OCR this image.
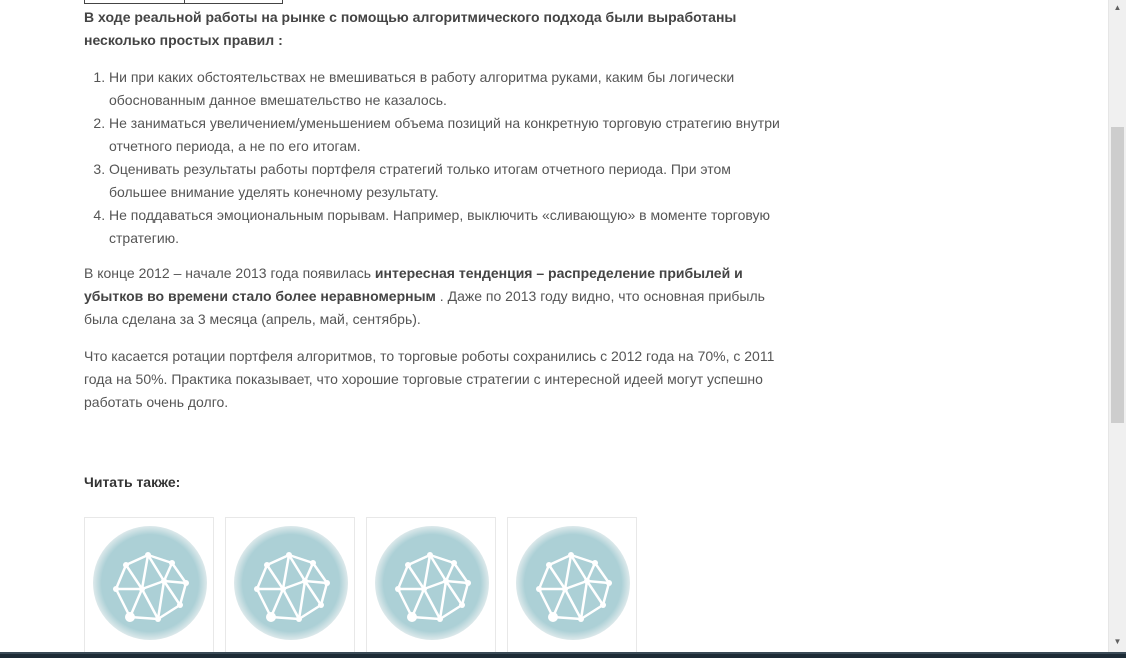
В ходе реальной работы на рынке с помощью алгоритмического подхода были выработаны несколько простых правил :

1. Ни при каких обстоятельствах не вмешиваться в работу алгоритма руками, каким бы логически обоснованным данное вмешательство не казалось.
2. Не заниматься увеличением/уменьшением объема позиций на конкретную торговую стратегию внутри отчетного периода, а не по его итогам.
3. Оценивать результаты работы портфеля стратегий только итогам отчетного периода. При этом большее внимание уделять конечному результату.
4. Не поддаваться эмоциональным порывам. Например, выключить «сливающую» в моменте торговую стратегию.

В конце 2012 – начале 2013 года появилась интересная тенденция – распределение прибылей и убытков во времени стало более неравномерным . Даже по 2013 году видно, что основная прибыль была сделана за 3 месяца (апрель, май, сентябрь).

Что касается ротации портфеля алгоритмов, то торговые роботы сохранились с 2012 года на 70%, с 2011 года на 50%. Практика показывает, что хорошие торговые стратегии с интересной идеей могут успешно работать очень долго.

Читать также:
▲
▼
